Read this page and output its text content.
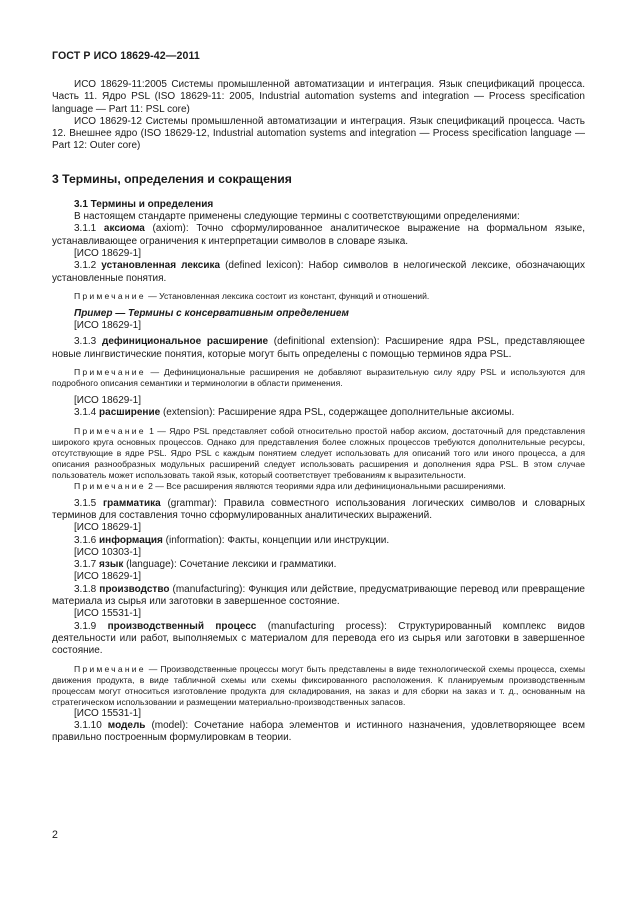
ГОСТ Р ИСО 18629-42—2011

ИСО 18629-11:2005 Системы промышленной автоматизации и интеграция. Язык спецификаций процесса. Часть 11. Ядро PSL (ISO 18629-11: 2005, Industrial automation systems and integration — Process specification language — Part 11: PSL core)

ИСО 18629-12 Системы промышленной автоматизации и интеграция. Язык спецификаций процесса. Часть 12. Внешнее ядро (ISO 18629-12, Industrial automation systems and integration — Process specification language — Part 12: Outer core)

3 Термины, определения и сокращения

3.1 Термины и определения

В настоящем стандарте применены следующие термины с соответствующими определениями:

3.1.1 аксиома (axiom): Точно сформулированное аналитическое выражение на формальном языке, устанавливающее ограничения к интерпретации символов в словаре языка.

[ИСО 18629-1]

3.1.2 установленная лексика (defined lexicon): Набор символов в нелогической лексике, обозначающих установленные понятия.

Примечание — Установленная лексика состоит из констант, функций и отношений.

Пример — Термины с консервативным определением

[ИСО 18629-1]

3.1.3 дефинициональное расширение (definitional extension): Расширение ядра PSL, представляющее новые лингвистические понятия, которые могут быть определены с помощью терминов ядра PSL.

Примечание — Дефинициональные расширения не добавляют выразительную силу ядру PSL и используются для подробного описания семантики и терминологии в области применения.

[ИСО 18629-1]

3.1.4 расширение (extension): Расширение ядра PSL, содержащее дополнительные аксиомы.

Примечание 1 — Ядро PSL представляет собой относительно простой набор аксиом, достаточный для представления широкого круга основных процессов. Однако для представления более сложных процессов требуются дополнительные ресурсы, отсутствующие в ядре PSL. Ядро PSL с каждым понятием следует использовать для описаний того или иного процесса, а для описания разнообразных модульных расширений следует использовать расширения и дополнения ядра PSL. В этом случае пользователь может использовать такой язык, который соответствует требованиям к выразительности.

Примечание 2 — Все расширения являются теориями ядра или дефинициональными расширениями.

3.1.5 грамматика (grammar): Правила совместного использования логических символов и словарных терминов для составления точно сформулированных аналитических выражений.

[ИСО 18629-1]

3.1.6 информация (information): Факты, концепции или инструкции.

[ИСО 10303-1]

3.1.7 язык (language): Сочетание лексики и грамматики.

[ИСО 18629-1]

3.1.8 производство (manufacturing): Функция или действие, предусматривающие перевод или превращение материала из сырья или заготовки в завершенное состояние.

[ИСО 15531-1]

3.1.9 производственный процесс (manufacturing process): Структурированный комплекс видов деятельности или работ, выполняемых с материалом для перевода его из сырья или заготовки в завершенное состояние.

Примечание — Производственные процессы могут быть представлены в виде технологической схемы процесса, схемы движения продукта, в виде табличной схемы или схемы фиксированного расположения. К планируемым производственным процессам могут относиться изготовление продукта для складирования, на заказ и для сборки на заказ и т. д., основанным на стратегическом использовании и размещении материально-производственных запасов.

[ИСО 15531-1]

3.1.10 модель (model): Сочетание набора элементов и истинного назначения, удовлетворяющее всем правильно построенным формулировкам в теории.

2
